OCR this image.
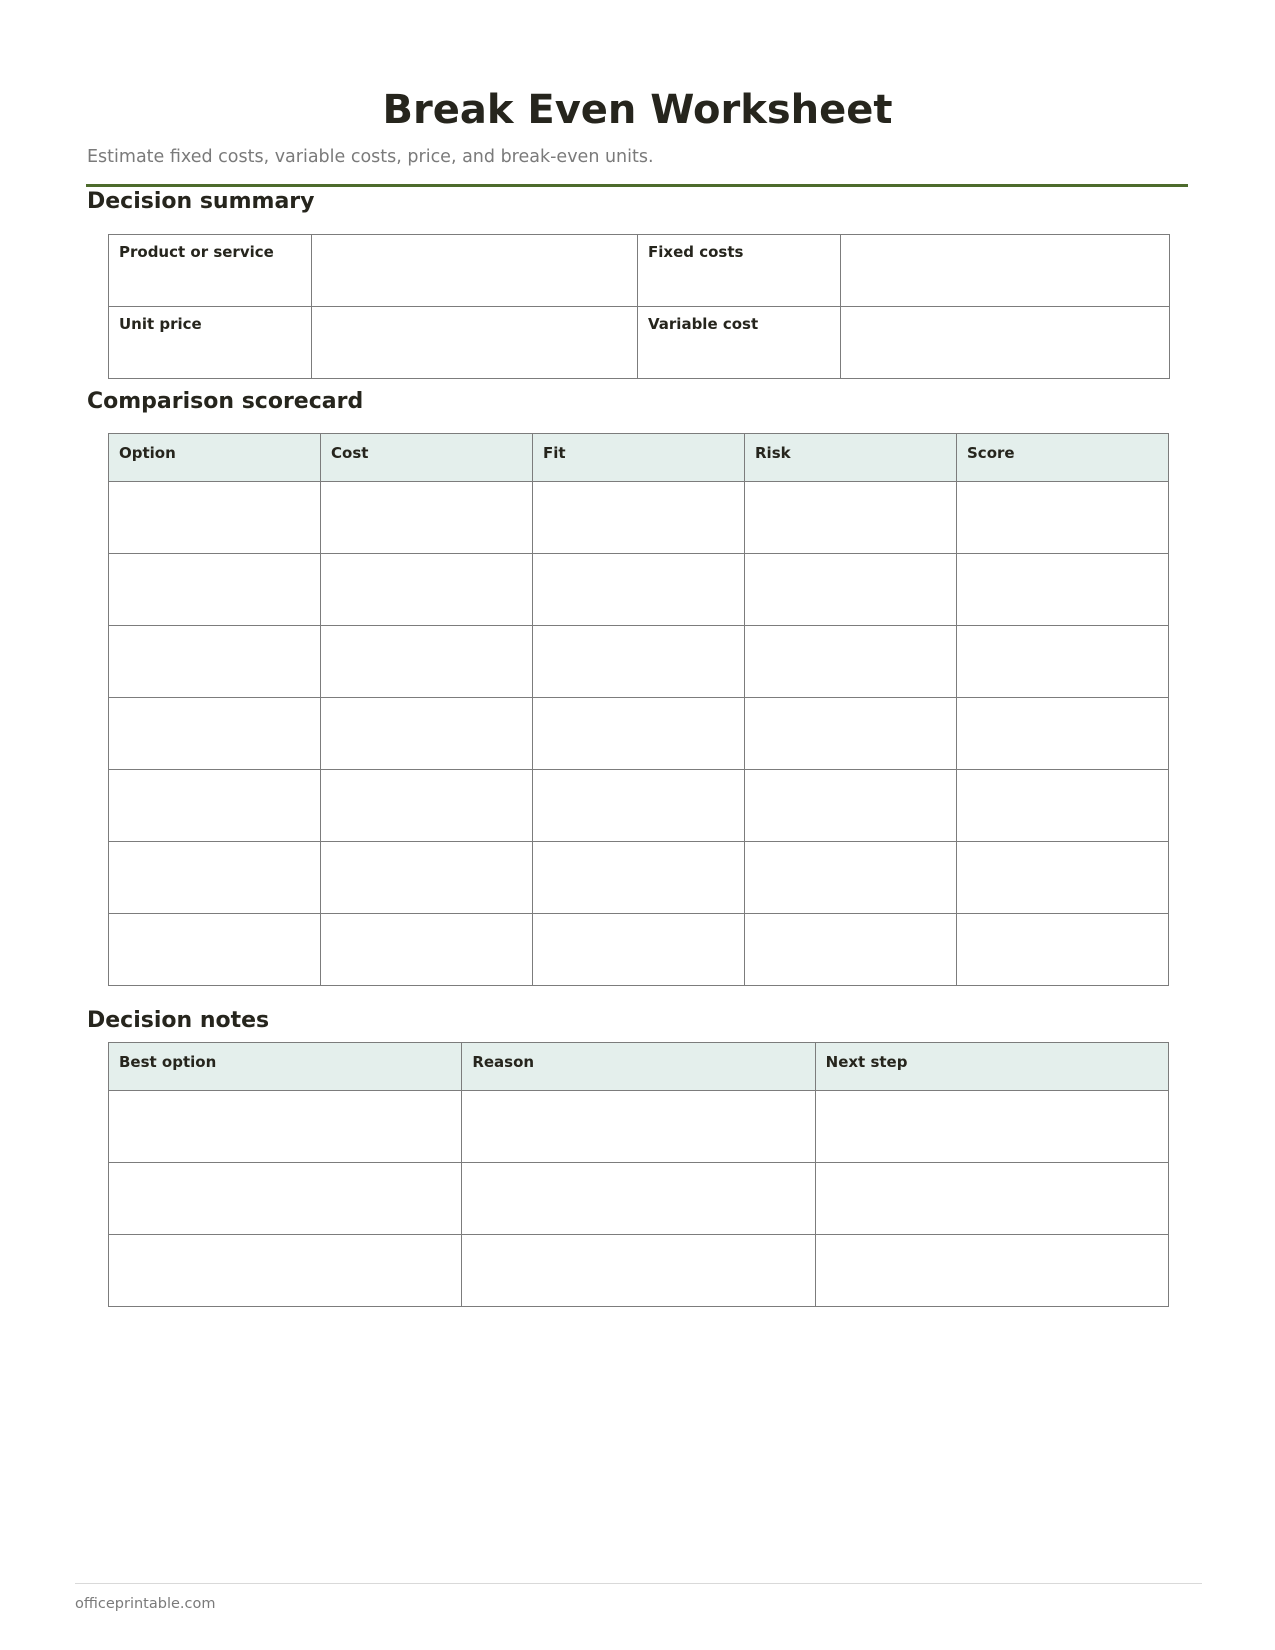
Break Even Worksheet

Estimate fixed costs, variable costs, price, and break-even units.

Decision summary
Product or service		Fixed costs	
Unit price		Variable cost	
Comparison scorecard
Option	Cost	Fit	Risk	Score

Decision notes
Best option	Reason	Next step

officeprintable.com
